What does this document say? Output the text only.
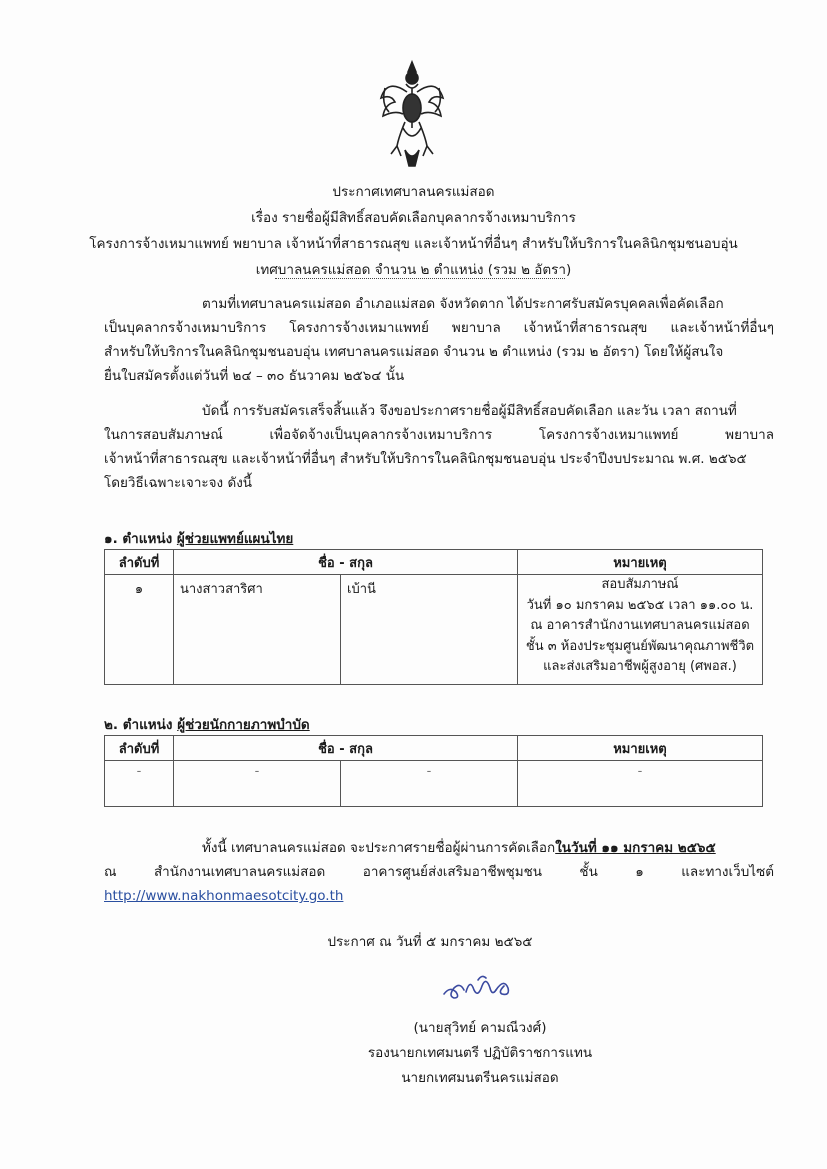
ประกาศเทศบาลนครแม่สอด
เรื่อง รายชื่อผู้มีสิทธิ์สอบคัดเลือกบุคลากรจ้างเหมาบริการ
โครงการจ้างเหมาแพทย์ พยาบาล เจ้าหน้าที่สาธารณสุข และเจ้าหน้าที่อื่นๆ สำหรับให้บริการในคลินิกชุมชนอบอุ่น
เทศบาลนครแม่สอด จำนวน ๒ ตำแหน่ง (รวม ๒ อัตรา)
ตามที่เทศบาลนครแม่สอด อำเภอแม่สอด จังหวัดตาก ได้ประกาศรับสมัครบุคคลเพื่อคัดเลือก
เป็นบุคลากรจ้างเหมาบริการ โครงการจ้างเหมาแพทย์ พยาบาล เจ้าหน้าที่สาธารณสุข และเจ้าหน้าที่อื่นๆ
สำหรับให้บริการในคลินิกชุมชนอบอุ่น เทศบาลนครแม่สอด จำนวน ๒ ตำแหน่ง (รวม ๒ อัตรา) โดยให้ผู้สนใจ
ยื่นใบสมัครตั้งแต่วันที่ ๒๔ – ๓๐ ธันวาคม ๒๕๖๔ นั้น
บัดนี้ การรับสมัครเสร็จสิ้นแล้ว จึงขอประกาศรายชื่อผู้มีสิทธิ์สอบคัดเลือก และวัน เวลา สถานที่
ในการสอบสัมภาษณ์ เพื่อจัดจ้างเป็นบุคลากรจ้างเหมาบริการ โครงการจ้างเหมาแพทย์ พยาบาล
เจ้าหน้าที่สาธารณสุข และเจ้าหน้าที่อื่นๆ สำหรับให้บริการในคลินิกชุมชนอบอุ่น ประจำปีงบประมาณ พ.ศ. ๒๕๖๕
โดยวิธีเฉพาะเจาะจง ดังนี้
๑. ตำแหน่ง ผู้ช่วยแพทย์แผนไทย
ลำดับที่	ชื่อ - สกุล		หมายเหตุ
๑	นางสาวสาริศา	เบ้านี	สอบสัมภาษณ์
วันที่ ๑๐ มกราคม ๒๕๖๕ เวลา ๑๑.๐๐ น.
ณ อาคารสำนักงานเทศบาลนครแม่สอด
ชั้น ๓ ห้องประชุมศูนย์พัฒนาคุณภาพชีวิต
และส่งเสริมอาชีพผู้สูงอายุ (ศพอส.)
๒. ตำแหน่ง ผู้ช่วยนักกายภาพบำบัด
ลำดับที่	ชื่อ - สกุล		หมายเหตุ
-	-	-	-
ทั้งนี้ เทศบาลนครแม่สอด จะประกาศรายชื่อผู้ผ่านการคัดเลือกในวันที่ ๑๑ มกราคม ๒๕๖๕
ณ สำนักงานเทศบาลนครแม่สอด อาคารศูนย์ส่งเสริมอาชีพชุมชน ชั้น ๑ และทางเว็บไซต์
http://www.nakhonmaesotcity.go.th
ประกาศ ณ วันที่ ๕ มกราคม ๒๕๖๕
(นายสุวิทย์ คามณีวงศ์)
รองนายกเทศมนตรี ปฏิบัติราชการแทน
นายกเทศมนตรีนครแม่สอด
